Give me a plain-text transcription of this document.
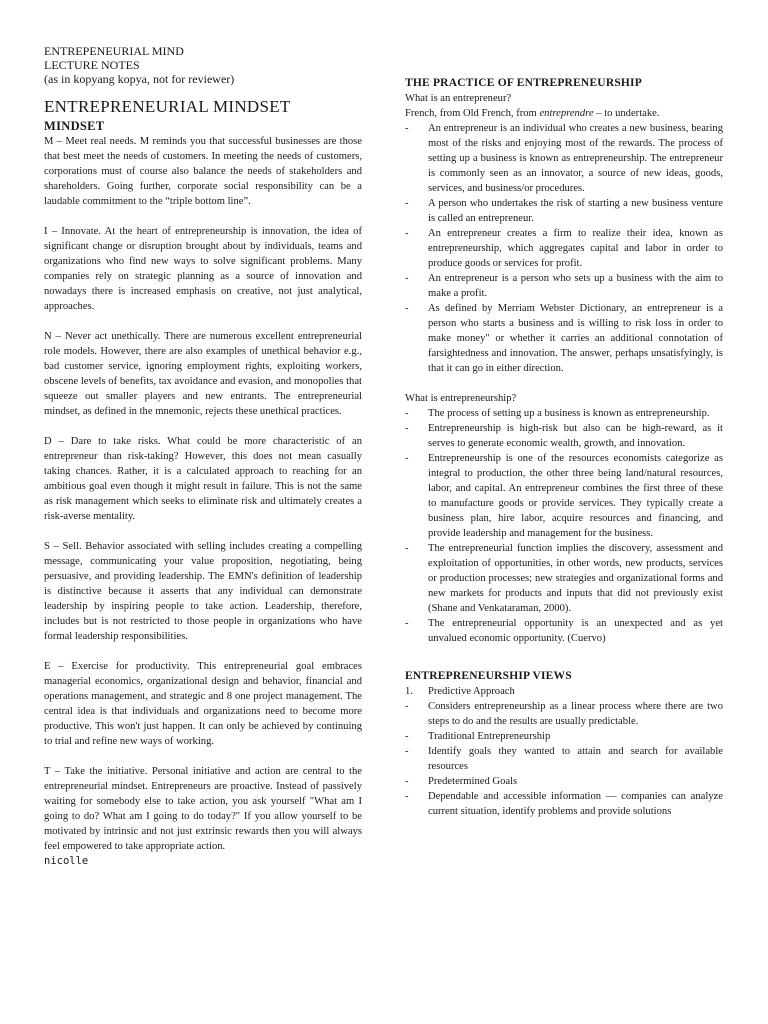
ENTREPENEURIAL MIND

LECTURE NOTES

(as in kopyang kopya, not for reviewer)

ENTREPRENEURIAL MINDSET
MINDSET

M – Meet real needs. M reminds you that successful businesses are those that best meet the needs of customers. In meeting the needs of customers, corporations must of course also balance the needs of stakeholders and shareholders. Going further, corporate social responsibility can be a laudable commitment to the “triple bottom line”.

I – Innovate. At the heart of entrepreneurship is innovation, the idea of significant change or disruption brought about by individuals, teams and organizations who find new ways to solve significant problems. Many companies rely on strategic planning as a source of innovation and nowadays there is increased emphasis on creative, not just analytical, approaches.

N – Never act unethically. There are numerous excellent entrepreneurial role models. However, there are also examples of unethical behavior e.g., bad customer service, ignoring employment rights, exploiting workers, obscene levels of benefits, tax avoidance and evasion, and monopolies that squeeze out smaller players and new entrants. The entrepreneurial mindset, as defined in the mnemonic, rejects these unethical practices.

D – Dare to take risks. What could be more characteristic of an entrepreneur than risk-taking? However, this does not mean casually taking chances. Rather, it is a calculated approach to reaching for an ambitious goal even though it might result in failure. This is not the same as risk management which seeks to eliminate risk and ultimately creates a risk-averse mentality.

S – Sell. Behavior associated with selling includes creating a compelling message, communicating your value proposition, negotiating, being persuasive, and providing leadership. The EMN's definition of leadership is distinctive because it asserts that any individual can demonstrate leadership by inspiring people to take action. Leadership, therefore, includes but is not restricted to those people in organizations who have formal leadership responsibilities.

E – Exercise for productivity. This entrepreneurial goal embraces managerial economics, organizational design and behavior, financial and operations management, and strategic and 8 one project management. The central idea is that individuals and organizations need to become more productive. This won't just happen. It can only be achieved by continuing to trial and refine new ways of working.

T – Take the initiative. Personal initiative and action are central to the entrepreneurial mindset. Entrepreneurs are proactive. Instead of passively waiting for somebody else to take action, you ask yourself "What am I going to do? What am I going to do today?" If you allow yourself to be motivated by intrinsic and not just extrinsic rewards then you will always feel empowered to take appropriate action.

nicolle

THE PRACTICE OF ENTREPRENEURSHIP

What is an entrepreneur?

French, from Old French, from entreprendre – to undertake.

- An entrepreneur is an individual who creates a new business, bearing most of the risks and enjoying most of the rewards. The process of setting up a business is known as entrepreneurship. The entrepreneur is commonly seen as an innovator, a source of new ideas, goods, services, and business/or procedures.
- A person who undertakes the risk of starting a new business venture is called an entrepreneur.
- An entrepreneur creates a firm to realize their idea, known as entrepreneurship, which aggregates capital and labor in order to produce goods or services for profit.
- An entrepreneur is a person who sets up a business with the aim to make a profit.
- As defined by Merriam Webster Dictionary, an entrepreneur is a person who starts a business and is willing to risk loss in order to make money" or whether it carries an additional connotation of farsightedness and innovation. The answer, perhaps unsatisfyingly, is that it can go in either direction.

What is entrepreneurship?

- The process of setting up a business is known as entrepreneurship.
- Entrepreneurship is high-risk but also can be high-reward, as it serves to generate economic wealth, growth, and innovation.
- Entrepreneurship is one of the resources economists categorize as integral to production, the other three being land/natural resources, labor, and capital. An entrepreneur combines the first three of these to manufacture goods or provide services. They typically create a business plan, hire labor, acquire resources and financing, and provide leadership and management for the business.
- The entrepreneurial function implies the discovery, assessment and exploitation of opportunities, in other words, new products, services or production processes; new strategies and organizational forms and new markets for products and inputs that did not previously exist (Shane and Venkataraman, 2000).
- The entrepreneurial opportunity is an unexpected and as yet unvalued economic opportunity. (Cuervo)
ENTREPRENEURSHIP VIEWS
1. Predictive Approach
- Considers entrepreneurship as a linear process where there are two steps to do and the results are usually predictable.
- Traditional Entrepreneurship
- Identify goals they wanted to attain and search for available resources
- Predetermined Goals
- Dependable and accessible information — companies can analyze current situation, identify problems and provide solutions
